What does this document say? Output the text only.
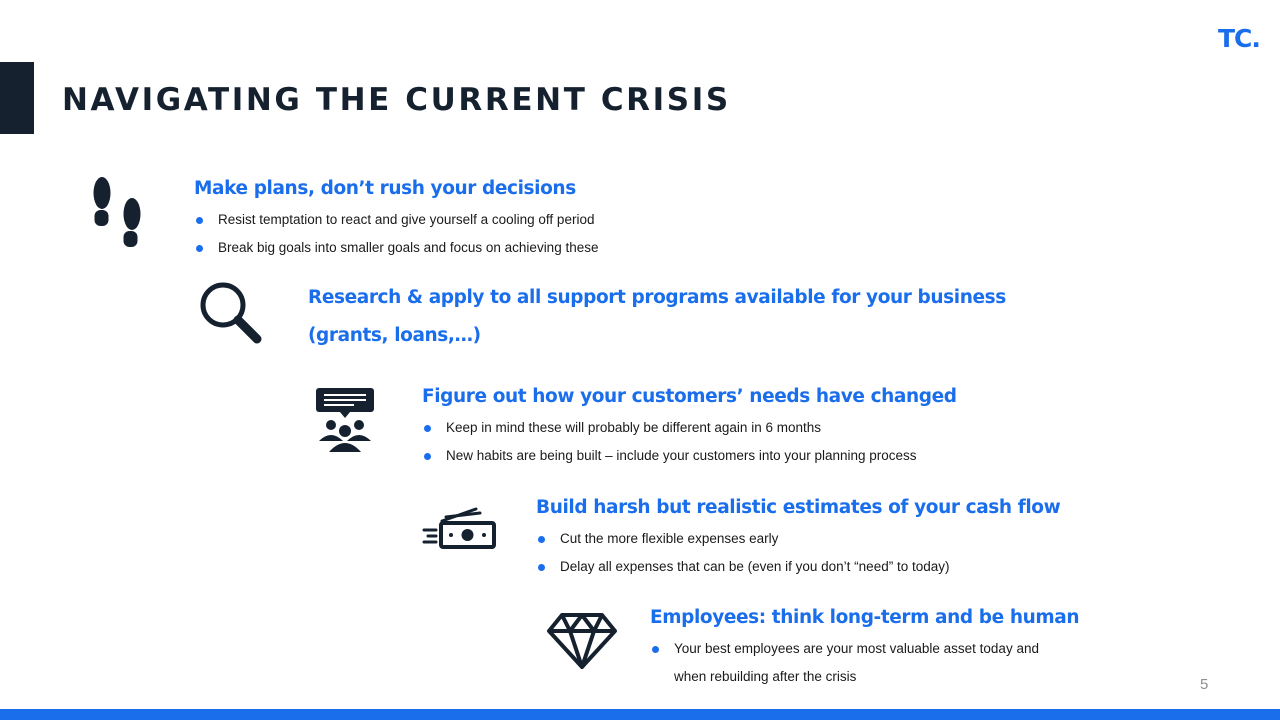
TC.
NAVIGATING THE CURRENT CRISIS
Make plans, don’t rush your decisions
Resist temptation to react and give yourself a cooling off period
Break big goals into smaller goals and focus on achieving these
Research & apply to all support programs available for your business
(grants, loans,…)
Figure out how your customers’ needs have changed
Keep in mind these will probably be different again in 6 months
New habits are being built – include your customers into your planning process
Build harsh but realistic estimates of your cash flow
Cut the more flexible expenses early
Delay all expenses that can be (even if you don’t “need” to today)
Employees: think long-term and be human
Your best employees are your most valuable asset today and
when rebuilding after the crisis	5
